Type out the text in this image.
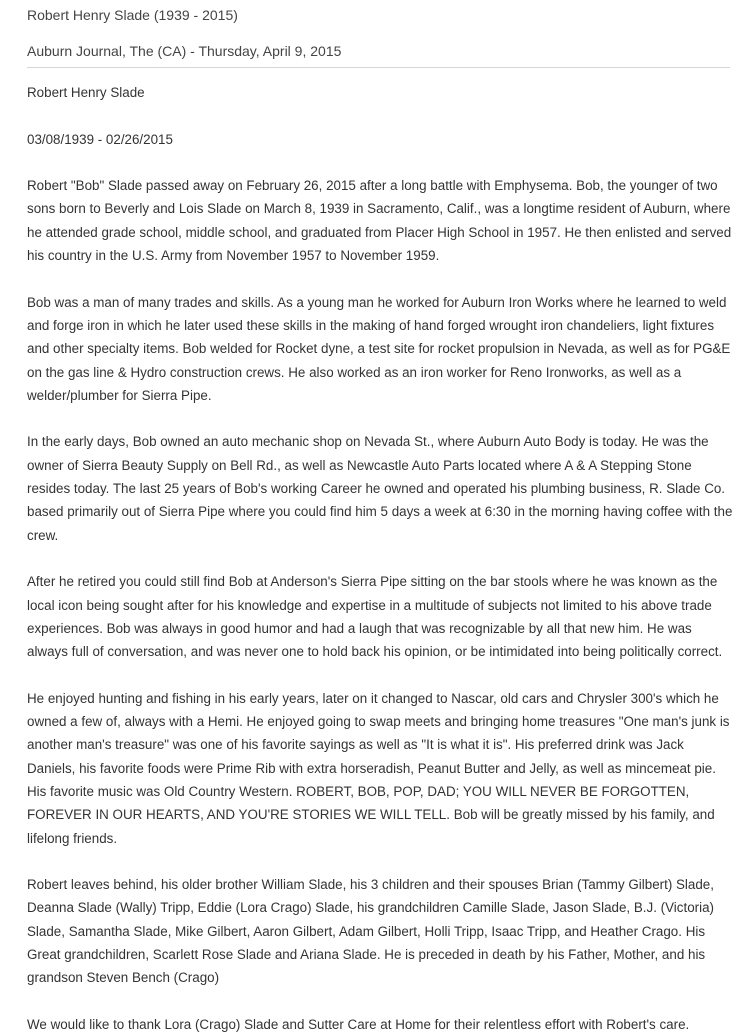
Robert Henry Slade (1939 - 2015)
Auburn Journal, The (CA) - Thursday, April 9, 2015

Robert Henry Slade

03/08/1939 - 02/26/2015

Robert "Bob" Slade passed away on February 26, 2015 after a long battle with Emphysema. Bob, the younger of two sons born to Beverly and Lois Slade on March 8, 1939 in Sacramento, Calif., was a longtime resident of Auburn, where he attended grade school, middle school, and graduated from Placer High School in 1957. He then enlisted and served his country in the U.S. Army from November 1957 to November 1959.

Bob was a man of many trades and skills. As a young man he worked for Auburn Iron Works where he learned to weld and forge iron in which he later used these skills in the making of hand forged wrought iron chandeliers, light fixtures and other specialty items. Bob welded for Rocket dyne, a test site for rocket propulsion in Nevada, as well as for PG&E on the gas line & Hydro construction crews. He also worked as an iron worker for Reno Ironworks, as well as a welder/plumber for Sierra Pipe.

In the early days, Bob owned an auto mechanic shop on Nevada St., where Auburn Auto Body is today. He was the owner of Sierra Beauty Supply on Bell Rd., as well as Newcastle Auto Parts located where A & A Stepping Stone resides today. The last 25 years of Bob's working Career he owned and operated his plumbing business, R. Slade Co. based primarily out of Sierra Pipe where you could find him 5 days a week at 6:30 in the morning having coffee with the crew.

After he retired you could still find Bob at Anderson's Sierra Pipe sitting on the bar stools where he was known as the local icon being sought after for his knowledge and expertise in a multitude of subjects not limited to his above trade experiences. Bob was always in good humor and had a laugh that was recognizable by all that new him. He was always full of conversation, and was never one to hold back his opinion, or be intimidated into being politically correct.

He enjoyed hunting and fishing in his early years, later on it changed to Nascar, old cars and Chrysler 300's which he owned a few of, always with a Hemi. He enjoyed going to swap meets and bringing home treasures "One man's junk is another man's treasure" was one of his favorite sayings as well as "It is what it is". His preferred drink was Jack Daniels, his favorite foods were Prime Rib with extra horseradish, Peanut Butter and Jelly, as well as mincemeat pie. His favorite music was Old Country Western. ROBERT, BOB, POP, DAD; YOU WILL NEVER BE FORGOTTEN, FOREVER IN OUR HEARTS, AND YOU'RE STORIES WE WILL TELL. Bob will be greatly missed by his family, and lifelong friends.

Robert leaves behind, his older brother William Slade, his 3 children and their spouses Brian (Tammy Gilbert) Slade, Deanna Slade (Wally) Tripp, Eddie (Lora Crago) Slade, his grandchildren Camille Slade, Jason Slade, B.J. (Victoria) Slade, Samantha Slade, Mike Gilbert, Aaron Gilbert, Adam Gilbert, Holli Tripp, Isaac Tripp, and Heather Crago. His Great grandchildren, Scarlett Rose Slade and Ariana Slade. He is preceded in death by his Father, Mother, and his grandson Steven Bench (Crago)

We would like to thank Lora (Crago) Slade and Sutter Care at Home for their relentless effort with Robert's care.
